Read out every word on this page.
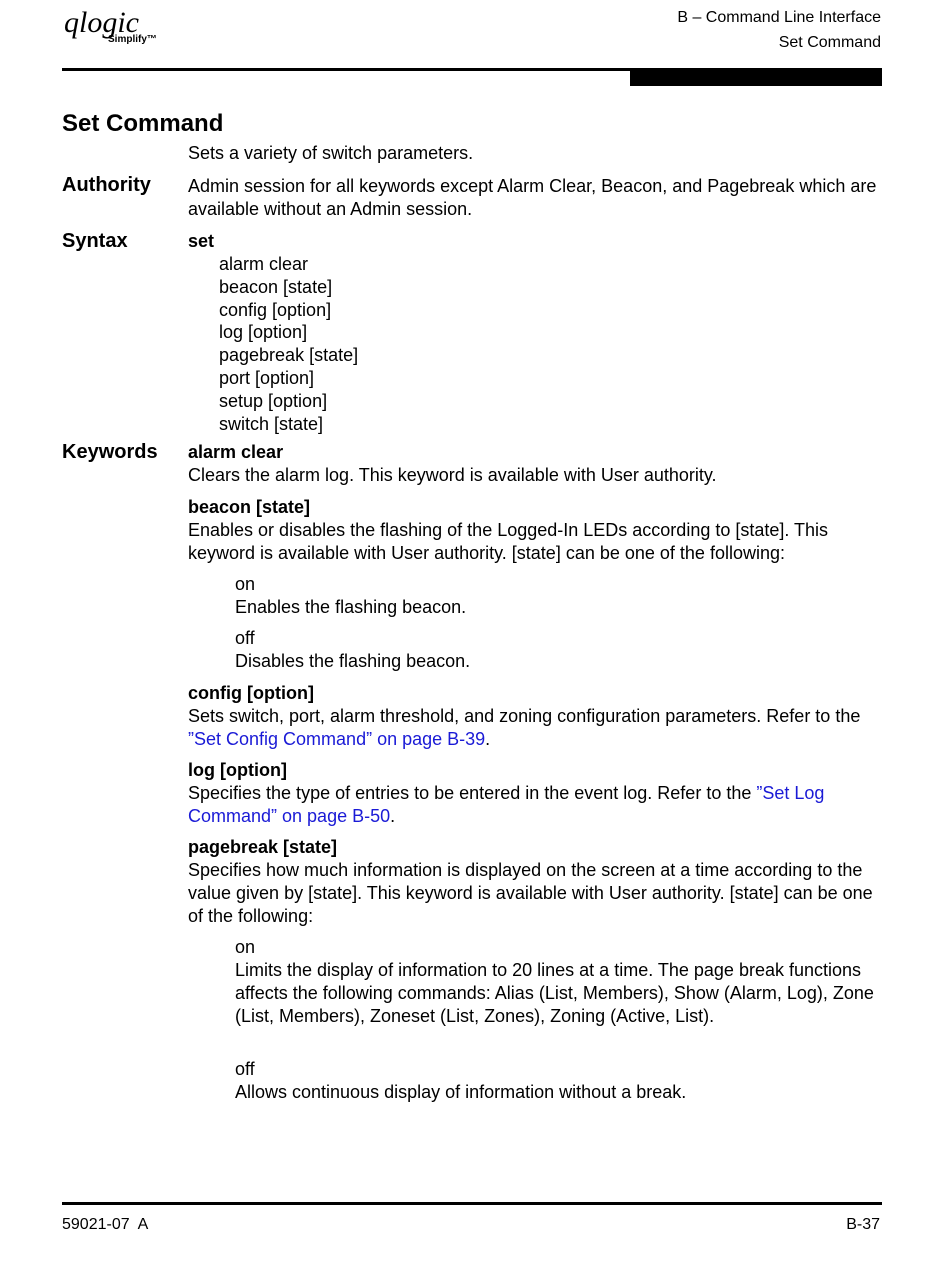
qlogic
Simplify™
B – Command Line Interface
Set Command
Set Command
Sets a variety of switch parameters.
Authority Admin session for all keywords except Alarm Clear, Beacon, and Pagebreak which are available without an Admin session.
Syntax	set
alarm clear
beacon [state]
config [option]
log [option]
pagebreak [state]
port [option]
setup [option]
switch [state]
Keywords alarm clear
Clears the alarm log. This keyword is available with User authority.
beacon [state]
Enables or disables the flashing of the Logged-In LEDs according to [state]. This keyword is available with User authority. [state] can be one of the following:
on
Enables the flashing beacon.
off
Disables the flashing beacon.
config [option]
Sets switch, port, alarm threshold, and zoning configuration parameters. Refer to the ”Set Config Command” on page B-39.
log [option]
Specifies the type of entries to be entered in the event log. Refer to the ”Set Log Command” on page B-50.
pagebreak [state]
Specifies how much information is displayed on the screen at a time according to the value given by [state]. This keyword is available with User authority. [state] can be one of the following:
on
Limits the display of information to 20 lines at a time. The page break functions affects the following commands: Alias (List, Members), Show (Alarm, Log), Zone (List, Members), Zoneset (List, Zones), Zoning (Active, List).
off
Allows continuous display of information without a break.
59021-07  A	B-37
